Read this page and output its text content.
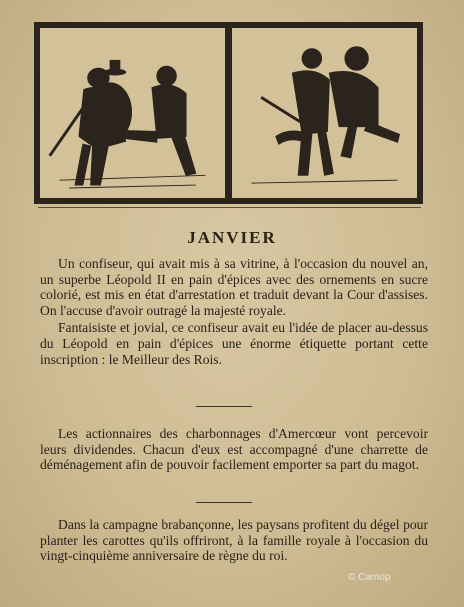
JANVIER

Un confiseur, qui avait mis à sa vitrine, à l'occasion du nouvel an, un superbe Léopold II en pain d'épices avec des ornements en sucre colorié, est mis en état d'arrestation et traduit devant la Cour d'assises. On l'accuse d'avoir outragé la majesté royale.

Fantaisiste et jovial, ce confiseur avait eu l'idée de placer au-dessus du Léopold en pain d'épices une énorme étiquette portant cette inscription : le Meilleur des Rois.

Les actionnaires des charbonnages d'Amercœur vont percevoir leurs dividendes. Chacun d'eux est accompagné d'une charrette de déménagement afin de pouvoir facilement emporter sa part du magot.

Dans la campagne brabançonne, les paysans profitent du dégel pour planter les carottes qu'ils offriront, à la famille royale à l'occasion du vingt-cinquième anniversaire de règne du roi.

© Camop
